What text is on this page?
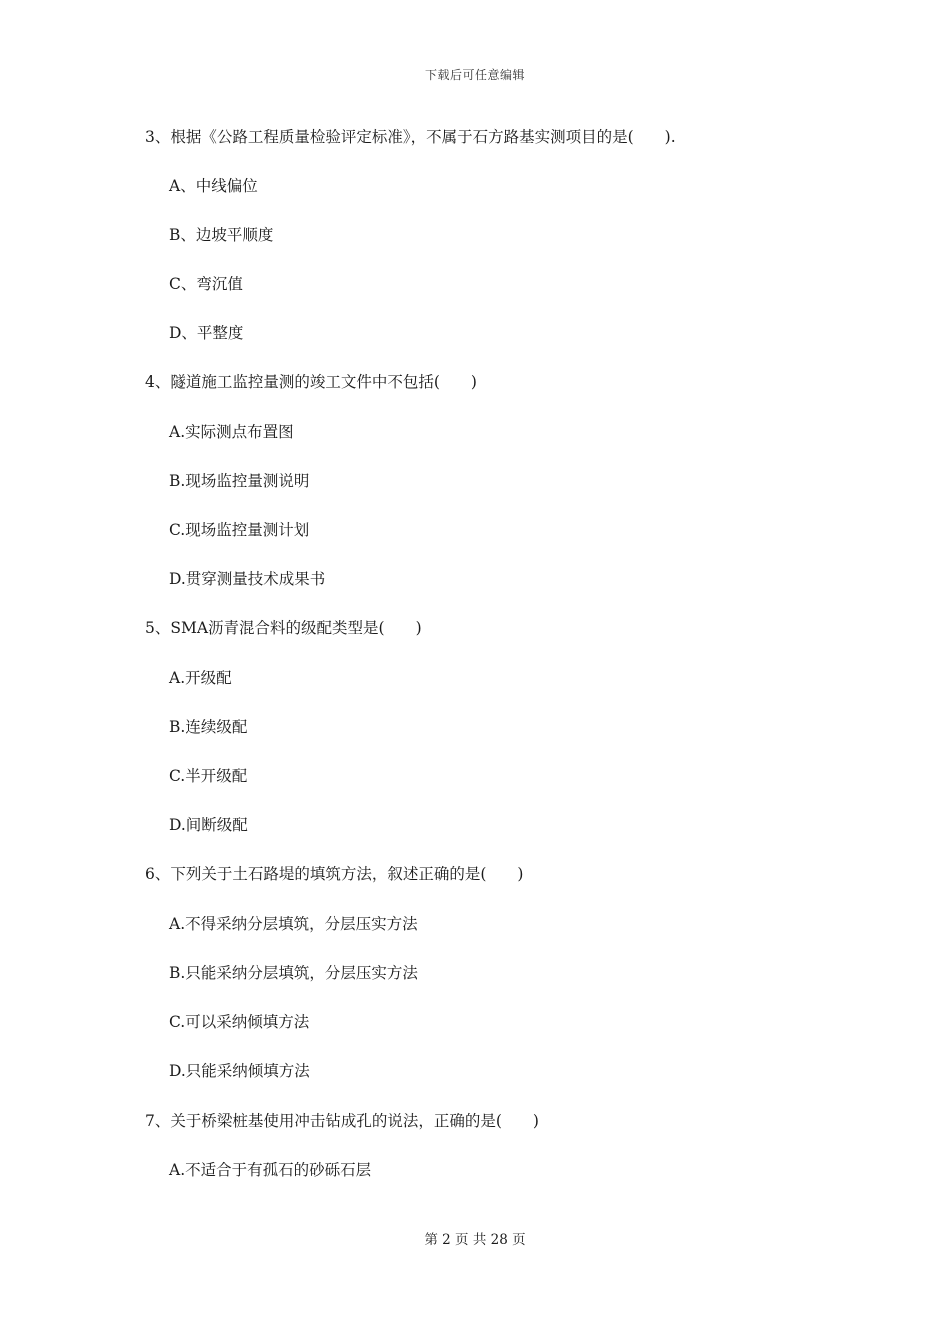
下载后可任意编辑
3、根据《公路工程质量检验评定标准》，不属于石方路基实测项目的是(　　).
A、中线偏位
B、边坡平顺度
C、弯沉值
D、平整度
4、隧道施工监控量测的竣工文件中不包括(　　)
A.实际测点布置图
B.现场监控量测说明
C.现场监控量测计划
D.贯穿测量技术成果书
5、SMA沥青混合料的级配类型是(　　)
A.开级配
B.连续级配
C.半开级配
D.间断级配
6、下列关于土石路堤的填筑方法，叙述正确的是(　　)
A.不得采纳分层填筑，分层压实方法
B.只能采纳分层填筑，分层压实方法
C.可以采纳倾填方法
D.只能采纳倾填方法
7、关于桥梁桩基使用冲击钻成孔的说法，正确的是(　　)
A.不适合于有孤石的砂砾石层
第 2 页 共 28 页
